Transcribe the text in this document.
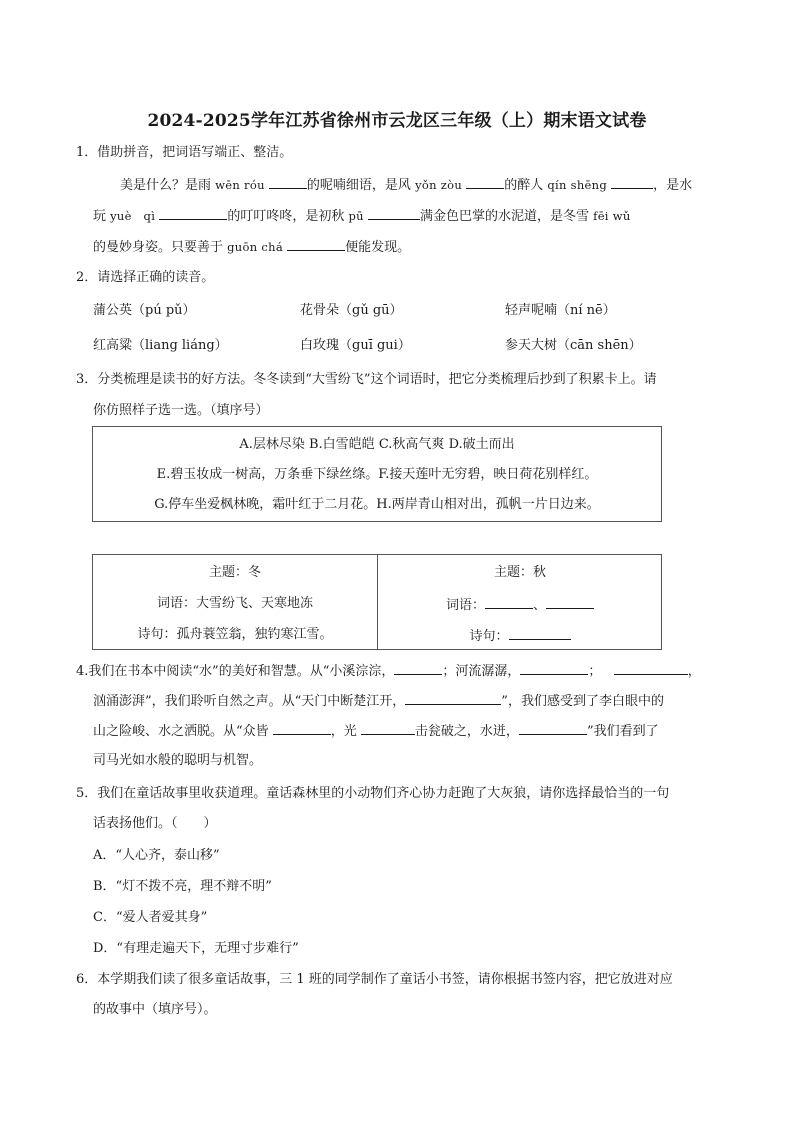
2024-2025学年江苏省徐州市云龙区三年级（上）期末语文试卷
1．借助拼音，把词语写端正、整洁。
美是什么？是雨 wēn róu	的呢喃细语，是风 yǒn zòu	的醉人 qín shēng	，是水
玩 yuè　qì	的叮叮咚咚，是初秋 pū	满金色巴掌的水泥道，是冬雪 fēi wǔ
的曼妙身姿。只要善于 guōn chá	便能发现。
2．请选择正确的读音。
蒲公英（pú pǔ）	花骨朵（gǔ gū）	轻声呢喃（ní nē）
红高粱（liang liáng）	白玫瑰（guī gui）	参天大树（cān shēn）
3．分类梳理是读书的好方法。冬冬读到“大雪纷飞”这个词语时，把它分类梳理后抄到了积累卡上。请
你仿照样子选一选。（填序号）
A.层林尽染 B.白雪皑皑 C.秋高气爽 D.破土而出
E.碧玉妆成一树高，万条垂下绿丝绦。F.接天莲叶无穷碧，映日荷花别样红。
G.停车坐爱枫林晚，霜叶红于二月花。H.两岸青山相对出，孤帆一片日边来。
主题：冬
词语：大雪纷飞、天寒地冻
诗句：孤舟蓑笠翁，独钓寒江雪。
主题：秋
词语：	、
诗句：
4.我们在书本中阅读“水”的美好和智慧。从“小溪淙淙，	；河流潺潺，	；	，
汹涌澎湃”，我们聆听自然之声。从“天门中断楚江开，	”，我们感受到了李白眼中的
山之险峻、水之洒脱。从“众皆	，光	击瓮破之，水迸，	”我们看到了
司马光如水般的聪明与机智。
5．我们在童话故事里收获道理。童话森林里的小动物们齐心协力赶跑了大灰狼，请你选择最恰当的一句
话表扬他们。（　　）
A．“人心齐，泰山移”
B．“灯不拨不亮，理不辩不明”
C．“爱人者爱其身”
D．“有理走遍天下，无理寸步难行”
6．本学期我们读了很多童话故事，三 1 班的同学制作了童话小书签，请你根据书签内容，把它放进对应
的故事中（填序号）。
